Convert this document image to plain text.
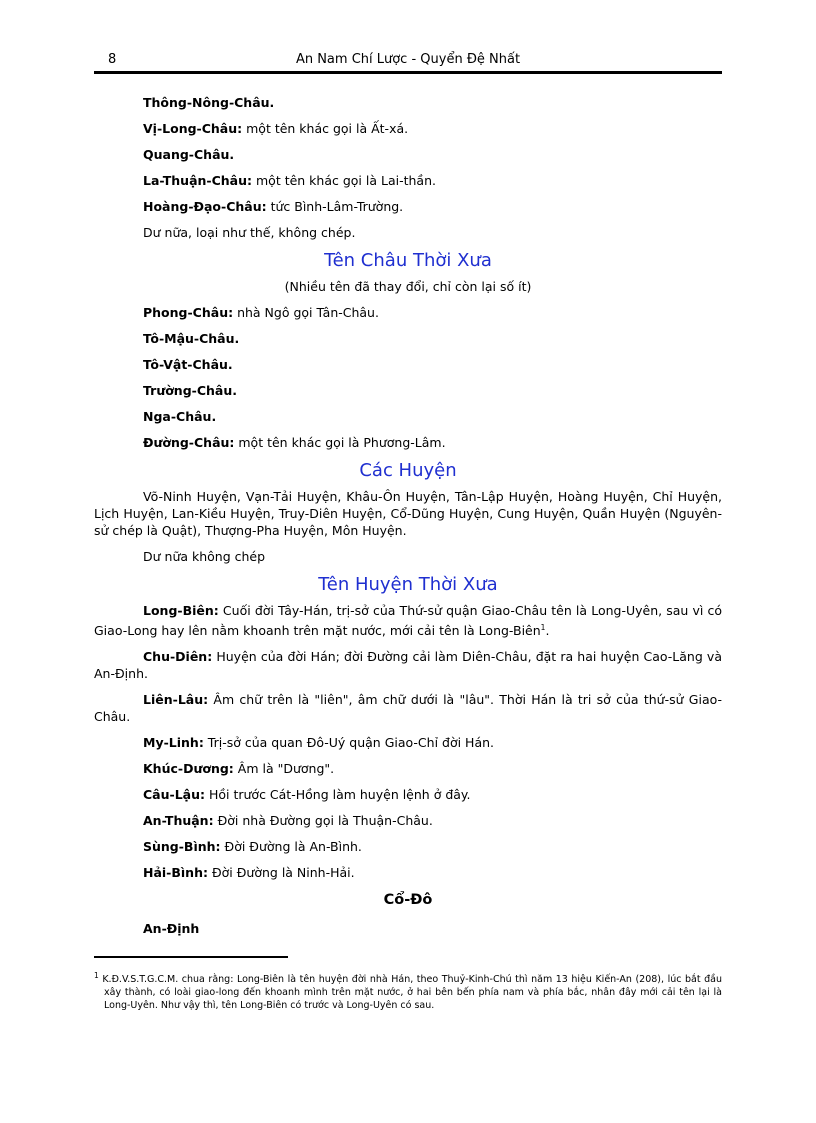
8	An Nam Chí Lược - Quyển Đệ Nhất

Thông-Nông-Châu.

Vị-Long-Châu: một tên khác gọi là Ất-xá.

Quang-Châu.

La-Thuận-Châu: một tên khác gọi là Lai-thần.

Hoàng-Đạo-Châu: tức Bình-Lâm-Trường.

Dư nữa, loại như thế, không chép.

Tên Châu Thời Xưa
(Nhiều tên đã thay đổi, chỉ còn lại số ít)

Phong-Châu: nhà Ngô gọi Tân-Châu.

Tô-Mậu-Châu.

Tô-Vật-Châu.

Trường-Châu.

Nga-Châu.

Đường-Châu: một tên khác gọi là Phương-Lâm.

Các Huyện

Võ-Ninh Huyện, Vạn-Tải Huyện, Khâu-Ôn Huyện, Tân-Lập Huyện, Hoàng Huyện, Chỉ Huyện, Lịch Huyện, Lan-Kiều Huyện, Truy-Diên Huyện, Cổ-Dũng Huyện, Cung Huyện, Quần Huyện (Nguyên-sử chép là Quật), Thượng-Pha Huyện, Môn Huyện.

Dư nữa không chép

Tên Huyện Thời Xưa

Long-Biên: Cuối đời Tây-Hán, trị-sở của Thứ-sử quận Giao-Châu tên là Long-Uyên, sau vì có Giao-Long hay lên nằm khoanh trên mặt nước, mới cải tên là Long-Biên$^1$.

Chu-Diên: Huyện của đời Hán; đời Đường cải làm Diên-Châu, đặt ra hai huyện Cao-Lăng và An-Định.

Liên-Lâu: Âm chữ trên là "liên", âm chữ dưới là "lâu". Thời Hán là tri sở của thứ-sử Giao-Châu.

My-Linh: Trị-sở của quan Đô-Uý quận Giao-Chỉ đời Hán.

Khúc-Dương: Âm là "Dương".

Câu-Lậu: Hồi trước Cát-Hồng làm huyện lệnh ở đây.

An-Thuận: Đời nhà Đường gọi là Thuận-Châu.

Sùng-Bình: Đời Đường là An-Bình.

Hải-Bình: Đời Đường là Ninh-Hải.

Cổ-Đô

An-Định

$^1$ K.Đ.V.S.T.G.C.M. chua rằng: Long-Biên là tên huyện đời nhà Hán, theo Thuỷ-Kinh-Chú thì năm 13 hiệu Kiến-An (208), lúc bắt đầu xây thành, có loài giao-long đến khoanh mình trên mặt nước, ở hai bên bến phía nam và phía bắc, nhân đây mới cải tên lại là Long-Uyên. Như vậy thì, tên Long-Biên có trước và Long-Uyên có sau.
